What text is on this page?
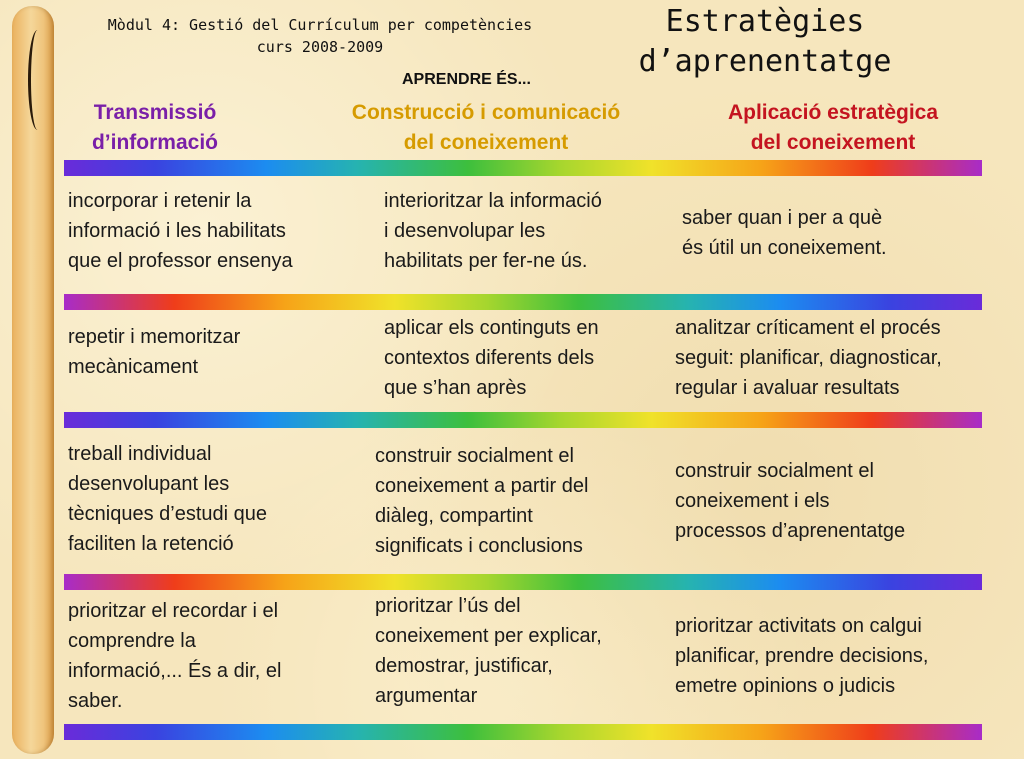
Mòdul 4: Gestió del Currículum per competències
curs 2008-2009
Estratègies
d’aprenentatge
APRENDRE ÉS...
Transmissió
d’informació
Construcció i comunicació
del coneixement
Aplicació estratègica
del coneixement
incorporar i retenir la
informació i les habilitats
que el professor ensenya
interioritzar la informació
i desenvolupar les
habilitats per fer-ne ús.
saber quan i per a què
és útil un coneixement.
repetir i memoritzar
mecànicament
aplicar els continguts en
contextos diferents dels
que s’han après
analitzar críticament el procés
seguit: planificar, diagnosticar,
regular i avaluar resultats
treball individual
desenvolupant les
tècniques d’estudi que
faciliten la retenció
construir socialment el
coneixement a partir del
diàleg, compartint
significats i conclusions
construir socialment el
coneixement i els
processos d’aprenentatge
prioritzar el recordar i el
comprendre la
informació,... És a dir, el
saber.
prioritzar l’ús del
coneixement per explicar,
demostrar, justificar,
argumentar
prioritzar activitats on calgui
planificar, prendre decisions,
emetre opinions o judicis
